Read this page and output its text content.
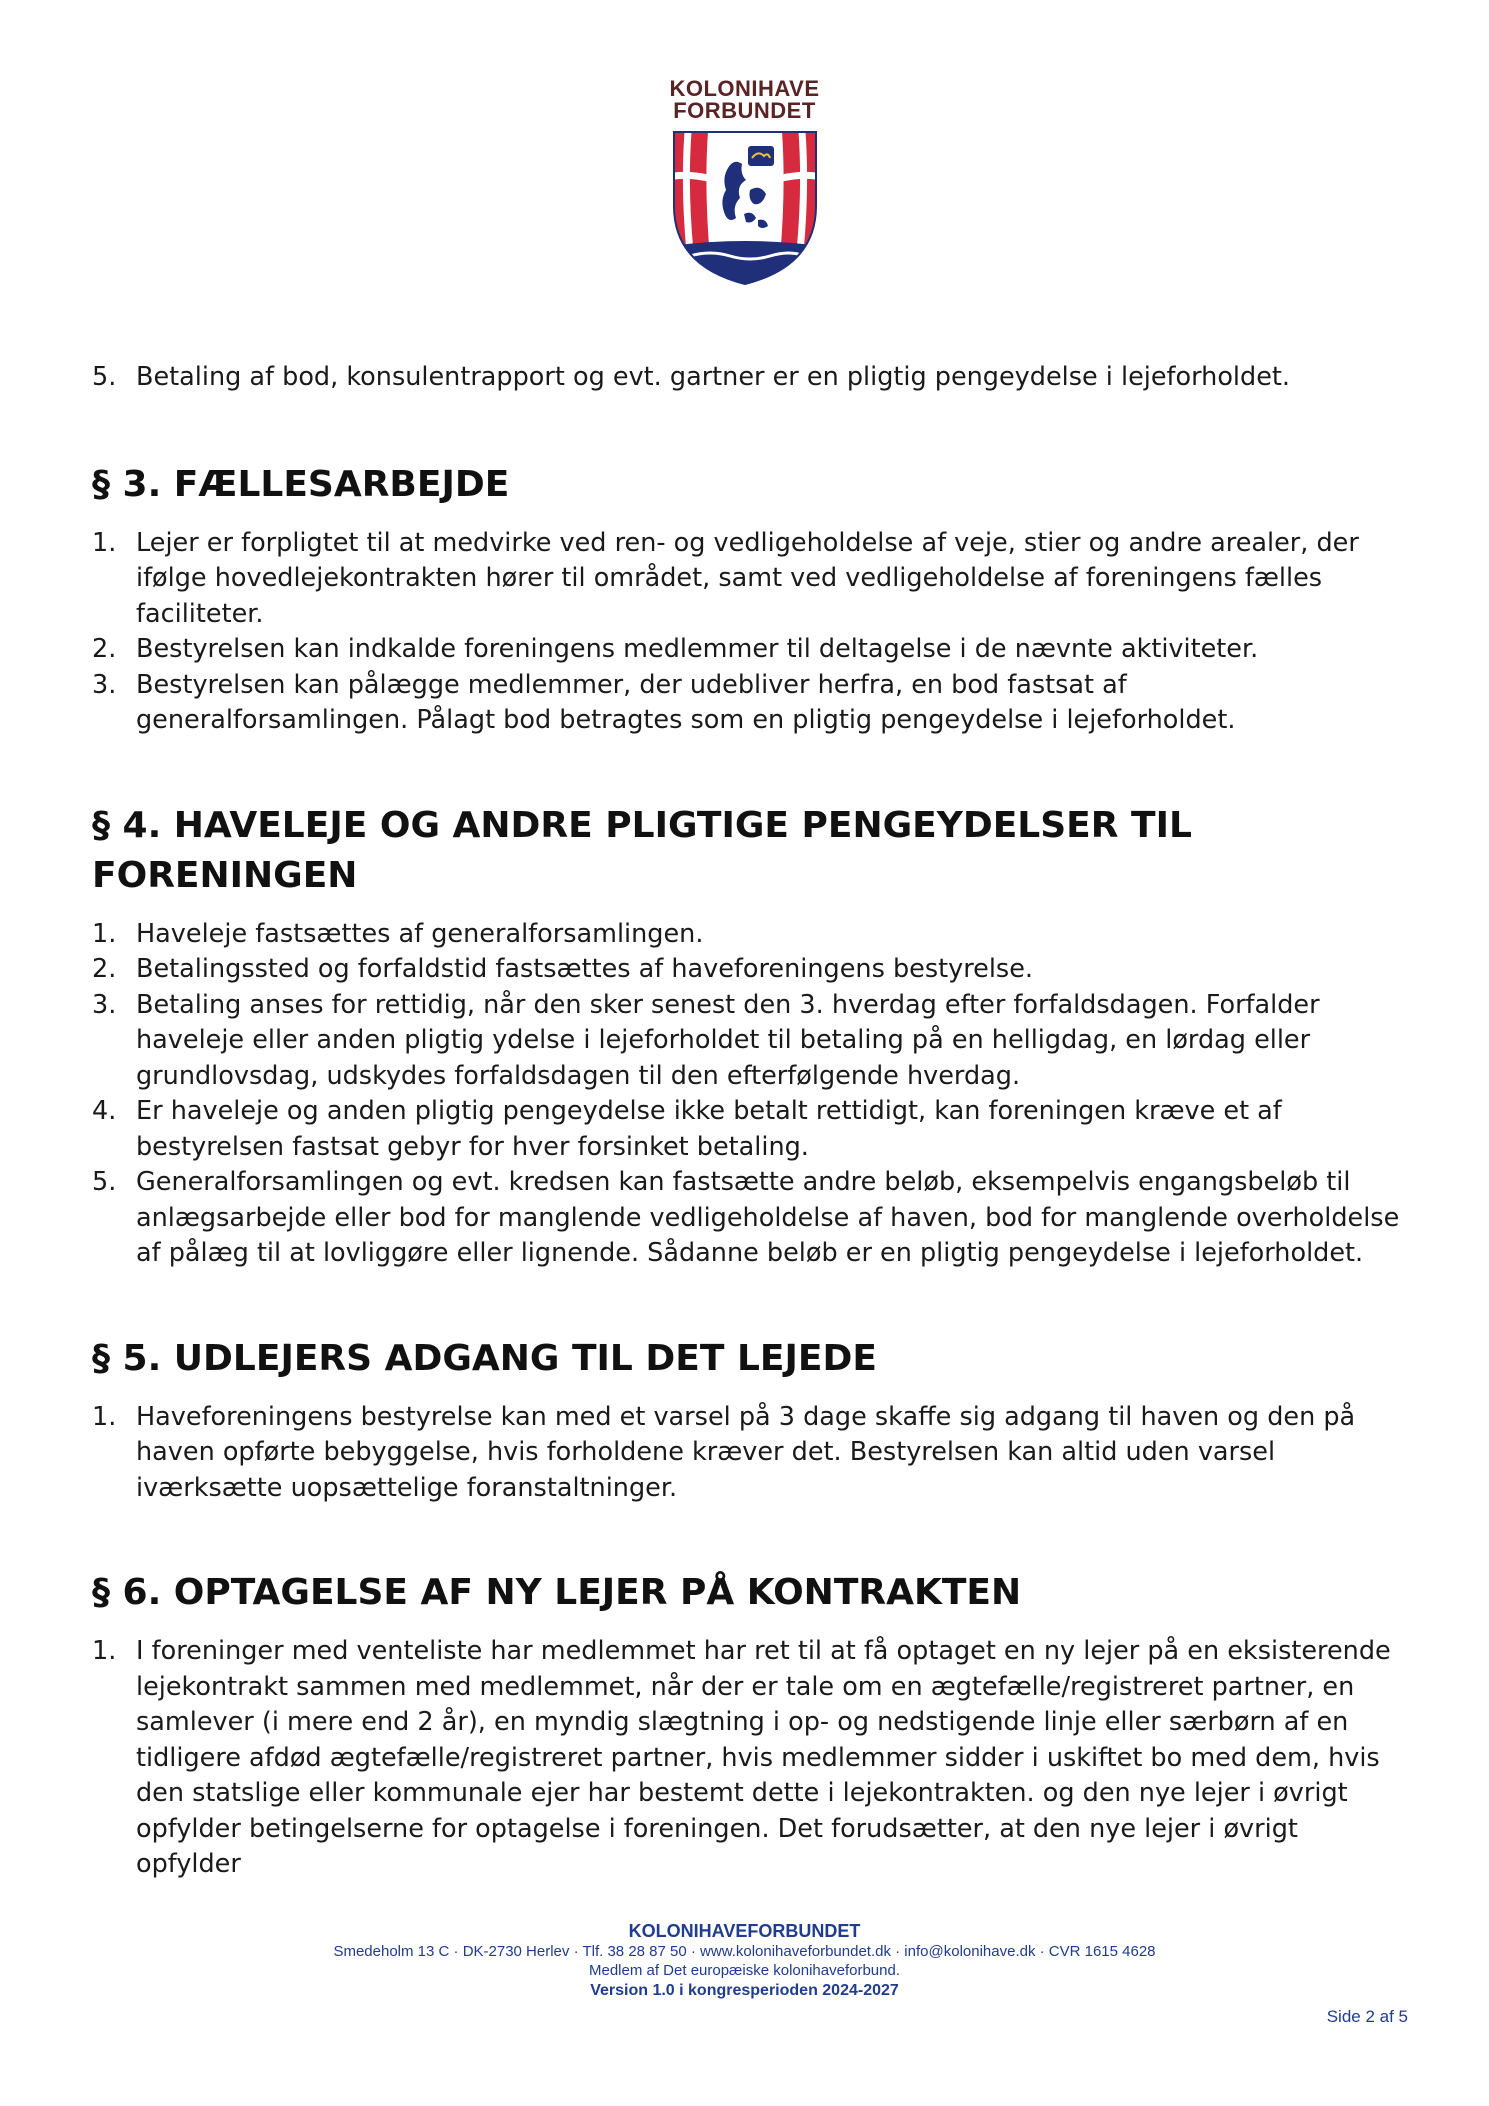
KOLONIHAVE
FORBUNDET
5. Betaling af bod, konsulentrapport og evt. gartner er en pligtig pengeydelse i lejeforholdet.
§ 3. FÆLLESARBEJDE
1. Lejer er forpligtet til at medvirke ved ren- og vedligeholdelse af veje, stier og andre arealer, der ifølge hovedlejekontrakten hører til området, samt ved vedligeholdelse af foreningens fælles faciliteter.
2. Bestyrelsen kan indkalde foreningens medlemmer til deltagelse i de nævnte aktiviteter.
3. Bestyrelsen kan pålægge medlemmer, der udebliver herfra, en bod fastsat af generalforsamlingen. Pålagt bod betragtes som en pligtig pengeydelse i lejeforholdet.
§ 4. HAVELEJE OG ANDRE PLIGTIGE PENGEYDELSER TIL FORENINGEN
1. Haveleje fastsættes af generalforsamlingen.
2. Betalingssted og forfaldstid fastsættes af haveforeningens bestyrelse.
3. Betaling anses for rettidig, når den sker senest den 3. hverdag efter forfaldsdagen. Forfalder haveleje eller anden pligtig ydelse i lejeforholdet til betaling på en helligdag, en lørdag eller grundlovsdag, udskydes forfaldsdagen til den efterfølgende hverdag.
4. Er haveleje og anden pligtig pengeydelse ikke betalt rettidigt, kan foreningen kræve et af bestyrelsen fastsat gebyr for hver forsinket betaling.
5. Generalforsamlingen og evt. kredsen kan fastsætte andre beløb, eksempelvis engangsbeløb til anlægsarbejde eller bod for manglende vedligeholdelse af haven, bod for manglende overholdelse af pålæg til at lovliggøre eller lignende. Sådanne beløb er en pligtig pengeydelse i lejeforholdet.
§ 5. UDLEJERS ADGANG TIL DET LEJEDE
1. Haveforeningens bestyrelse kan med et varsel på 3 dage skaffe sig adgang til haven og den på haven opførte bebyggelse, hvis forholdene kræver det. Bestyrelsen kan altid uden varsel iværksætte uopsættelige foranstaltninger.
§ 6. OPTAGELSE AF NY LEJER PÅ KONTRAKTEN
1. I foreninger med venteliste har medlemmet har ret til at få optaget en ny lejer på en eksisterende lejekontrakt sammen med medlemmet, når der er tale om en ægtefælle/registreret partner, en samlever (i mere end 2 år), en myndig slægtning i op- og nedstigende linje eller særbørn af en tidligere afdød ægtefælle/registreret partner, hvis medlemmer sidder i uskiftet bo med dem, hvis den statslige eller kommunale ejer har bestemt dette i lejekontrakten. og den nye lejer i øvrigt opfylder betingelserne for optagelse i foreningen. Det forudsætter, at den nye lejer i øvrigt opfylder
KOLONIHAVEFORBUNDET
Smedeholm 13 C · DK-2730 Herlev · Tlf. 38 28 87 50 · www.kolonihaveforbundet.dk · info@kolonihave.dk · CVR 1615 4628
Medlem af Det europæiske kolonihaveforbund.
Version 1.0 i kongresperioden 2024-2027
Side 2 af 5
